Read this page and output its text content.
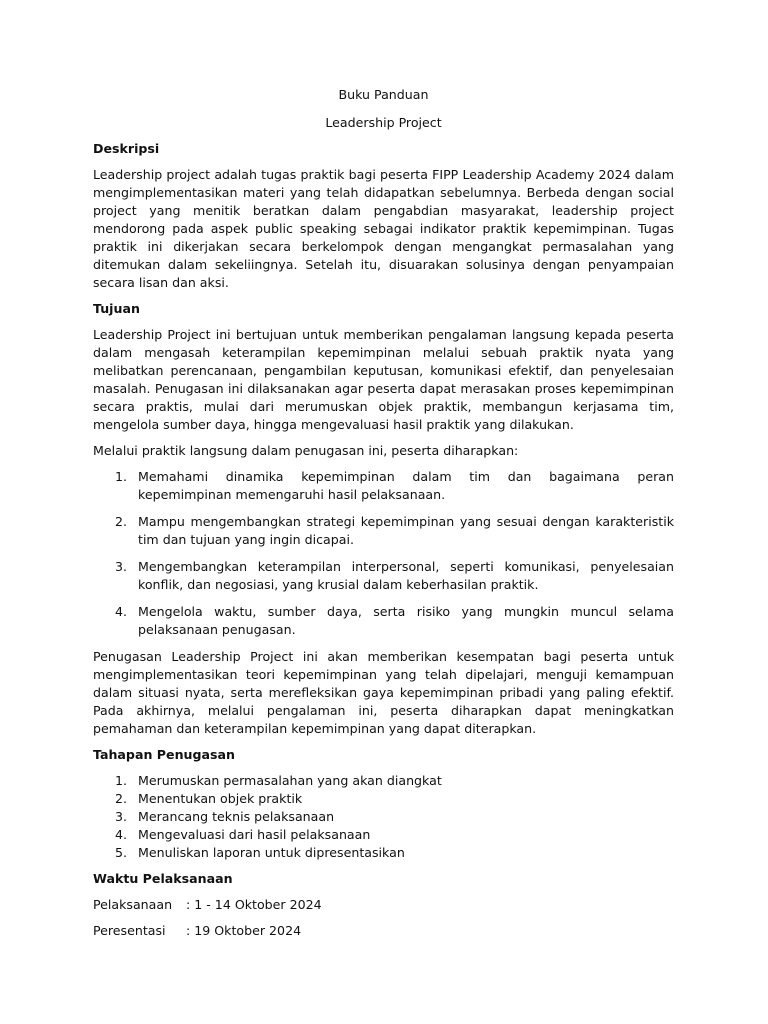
Buku Panduan
Leadership Project
Deskripsi

Leadership project adalah tugas praktik bagi peserta FIPP Leadership Academy 2024 dalam mengimplementasikan materi yang telah didapatkan sebelumnya. Berbeda dengan social project yang menitik beratkan dalam pengabdian masyarakat, leadership project mendorong pada aspek public speaking sebagai indikator praktik kepemimpinan. Tugas praktik ini dikerjakan secara berkelompok dengan mengangkat permasalahan yang ditemukan dalam sekeliingnya. Setelah itu, disuarakan solusinya dengan penyampaian secara lisan dan aksi.

Tujuan

Leadership Project ini bertujuan untuk memberikan pengalaman langsung kepada peserta dalam mengasah keterampilan kepemimpinan melalui sebuah praktik nyata yang melibatkan perencanaan, pengambilan keputusan, komunikasi efektif, dan penyelesaian masalah. Penugasan ini dilaksanakan agar peserta dapat merasakan proses kepemimpinan secara praktis, mulai dari merumuskan objek praktik, membangun kerjasama tim, mengelola sumber daya, hingga mengevaluasi hasil praktik yang dilakukan.

Melalui praktik langsung dalam penugasan ini, peserta diharapkan:

1. Memahami dinamika kepemimpinan dalam tim dan bagaimana peran kepemimpinan memengaruhi hasil pelaksanaan.
2. Mampu mengembangkan strategi kepemimpinan yang sesuai dengan karakteristik tim dan tujuan yang ingin dicapai.
3. Mengembangkan keterampilan interpersonal, seperti komunikasi, penyelesaian konflik, dan negosiasi, yang krusial dalam keberhasilan praktik.
4. Mengelola waktu, sumber daya, serta risiko yang mungkin muncul selama pelaksanaan penugasan.

Penugasan Leadership Project ini akan memberikan kesempatan bagi peserta untuk mengimplementasikan teori kepemimpinan yang telah dipelajari, menguji kemampuan dalam situasi nyata, serta merefleksikan gaya kepemimpinan pribadi yang paling efektif. Pada akhirnya, melalui pengalaman ini, peserta diharapkan dapat meningkatkan pemahaman dan keterampilan kepemimpinan yang dapat diterapkan.

Tahapan Penugasan
1. Merumuskan permasalahan yang akan diangkat
2. Menentukan objek praktik
3. Merancang teknis pelaksanaan
4. Mengevaluasi dari hasil pelaksanaan
5. Menuliskan laporan untuk dipresentasikan
Waktu Pelaksanaan
Pelaksanaan	: 1 - 14 Oktober 2024
Peresentasi	: 19 Oktober 2024
